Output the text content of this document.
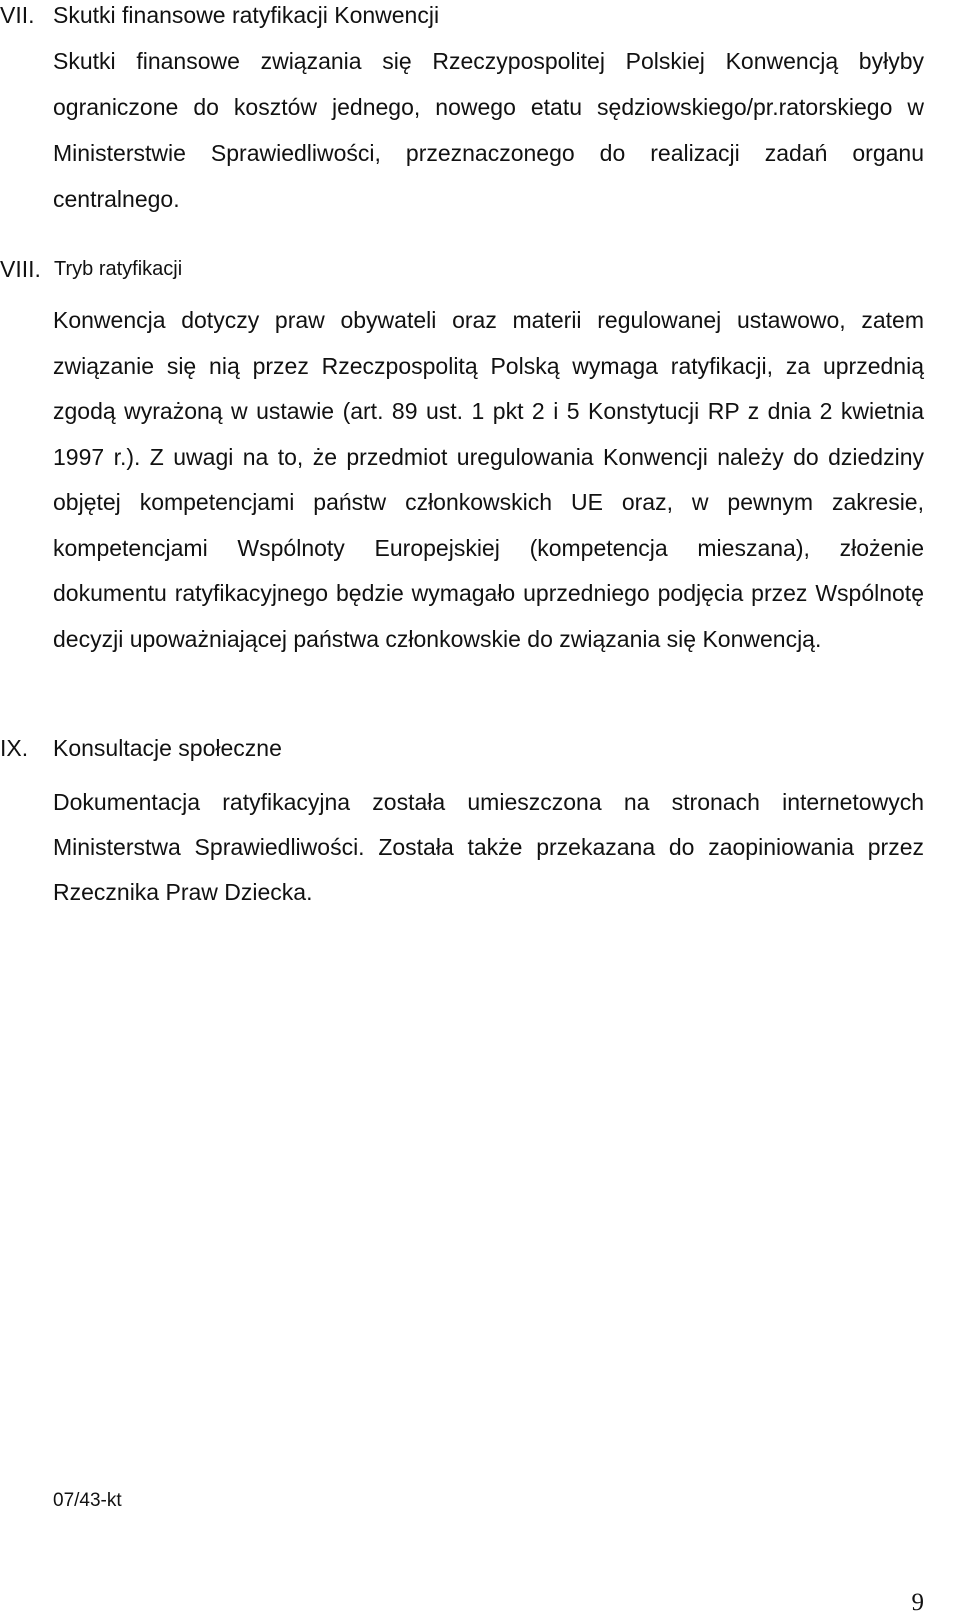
VII. Skutki finansowe ratyfikacji Konwencji
Skutki finansowe związania się Rzeczypospolitej Polskiej Konwencją byłyby ograniczone do kosztów jednego, nowego etatu sędziowskiego/pr.ratorskiego w Ministerstwie Sprawiedliwości, przeznaczonego do realizacji zadań organu centralnego.
VIII. Tryb ratyfikacji
Konwencja dotyczy praw obywateli oraz materii regulowanej ustawowo, zatem związanie się nią przez Rzeczpospolitą Polską wymaga ratyfikacji, za uprzednią zgodą wyrażoną w ustawie (art. 89 ust. 1 pkt 2 i 5 Konstytucji RP z dnia 2 kwietnia 1997 r.). Z uwagi na to, że przedmiot uregulowania Konwencji należy do dziedziny objętej kompetencjami państw członkowskich UE oraz, w pewnym zakresie, kompetencjami Wspólnoty Europejskiej (kompetencja mieszana), złożenie dokumentu ratyfikacyjnego będzie wymagało uprzedniego podjęcia przez Wspólnotę decyzji upoważniającej państwa członkowskie do związania się Konwencją.
IX. Konsultacje społeczne
Dokumentacja ratyfikacyjna została umieszczona na stronach internetowych Ministerstwa Sprawiedliwości. Została także przekazana do zaopiniowania przez Rzecznika Praw Dziecka.
07/43-kt
9
